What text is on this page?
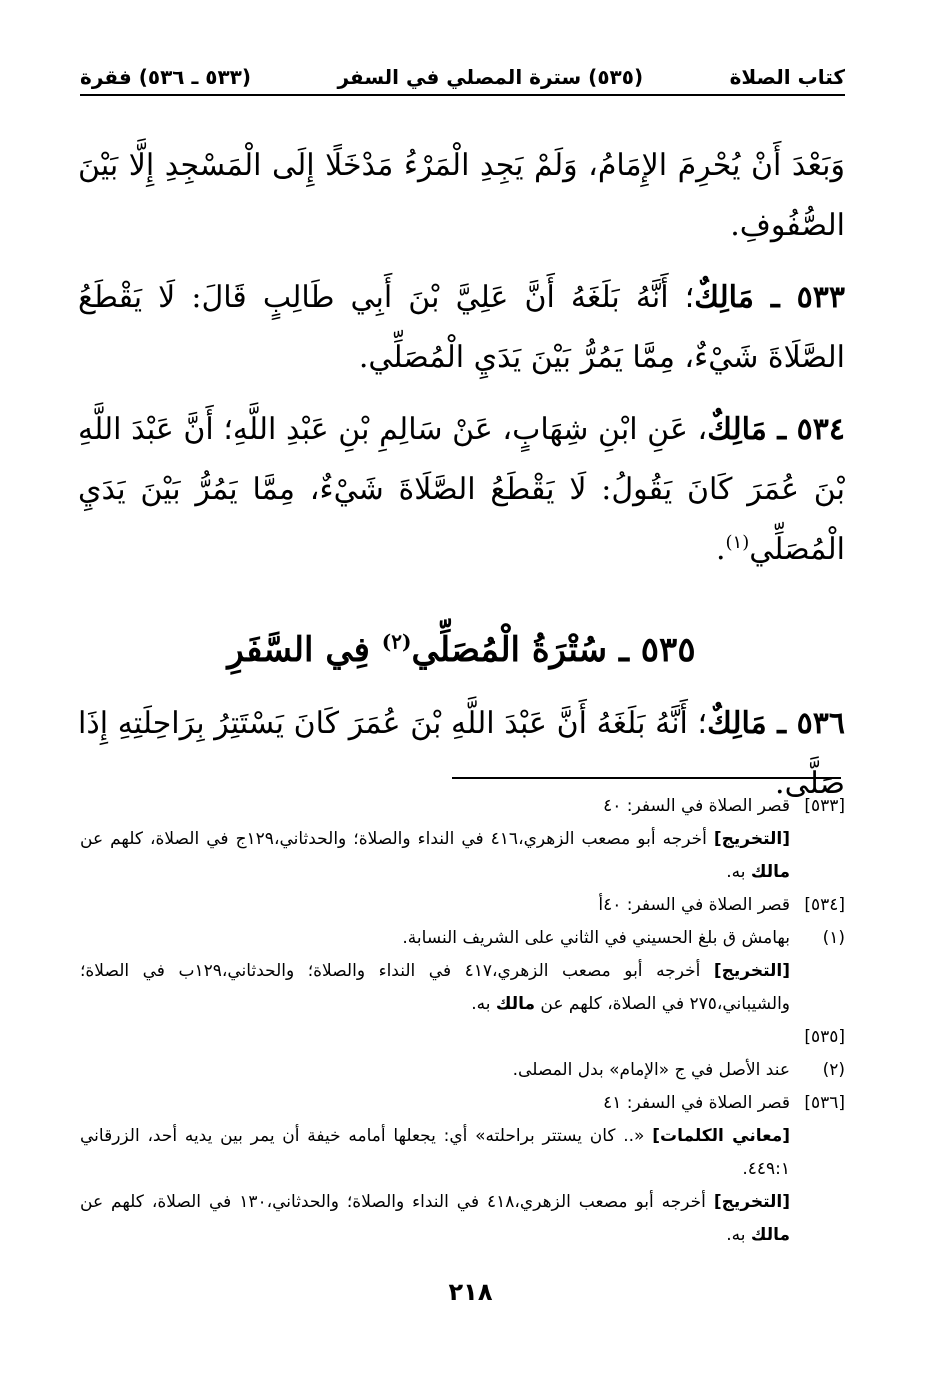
كتاب الصلاة
(٥٣٥) سترة المصلي في السفر
(٥٣٣ ـ ٥٣٦) فقرة

وَبَعْدَ أَنْ يُحْرِمَ الإِمَامُ، وَلَمْ يَجِدِ الْمَرْءُ مَدْخَلًا إِلَى الْمَسْجِدِ إِلَّا بَيْنَ الصُّفُوفِ.

٥٣٣ ـ مَالِكٌ؛ أَنَّهُ بَلَغَهُ أَنَّ عَلِيَّ بْنَ أَبِي طَالِبٍ قَالَ: لَا يَقْطَعُ الصَّلَاةَ شَيْءٌ، مِمَّا يَمُرُّ بَيْنَ يَدَيِ الْمُصَلِّي.

٥٣٤ ـ مَالِكٌ، عَنِ ابْنِ شِهَابٍ، عَنْ سَالِمِ بْنِ عَبْدِ اللَّهِ؛ أَنَّ عَبْدَ اللَّهِ بْنَ عُمَرَ كَانَ يَقُولُ: لَا يَقْطَعُ الصَّلَاةَ شَيْءٌ، مِمَّا يَمُرُّ بَيْنَ يَدَيِ الْمُصَلِّي$^{(١)}$.

٥٣٥ ـ سُتْرَةُ الْمُصَلِّي$^{(٢)}$ فِي السَّفَرِ

٥٣٦ ـ مَالِكٌ؛ أَنَّهُ بَلَغَهُ أَنَّ عَبْدَ اللَّهِ بْنَ عُمَرَ كَانَ يَسْتَتِرُ بِرَاحِلَتِهِ إِذَا صَلَّى.

[٥٣٣]
قصر الصلاة في السفر: ٤٠
[التخريج] أخرجه أبو مصعب الزهري،٤١٦ في النداء والصلاة؛ والحدثاني،١٢٩ج في الصلاة، كلهم عن مالك به.
[٥٣٤]
قصر الصلاة في السفر: ٤٠أ
(١)
بهامش ق بلغ الحسيني في الثاني على الشريف النسابة.
[التخريج] أخرجه أبو مصعب الزهري،٤١٧ في النداء والصلاة؛ والحدثاني،١٢٩ب في الصلاة؛ والشيباني،٢٧٥ في الصلاة، كلهم عن مالك به.
[٥٣٥]
(٢)
عند الأصل في ج «الإمام» بدل المصلى.
[٥٣٦]
قصر الصلاة في السفر: ٤١
[معاني الكلمات] «.. كان يستتر براحلته» أي: يجعلها أمامه خيفة أن يمر بين يديه أحد، الزرقاني ٤٤٩:١.
[التخريج] أخرجه أبو مصعب الزهري،٤١٨ في النداء والصلاة؛ والحدثاني،١٣٠ في الصلاة، كلهم عن مالك به.
٢١٨
